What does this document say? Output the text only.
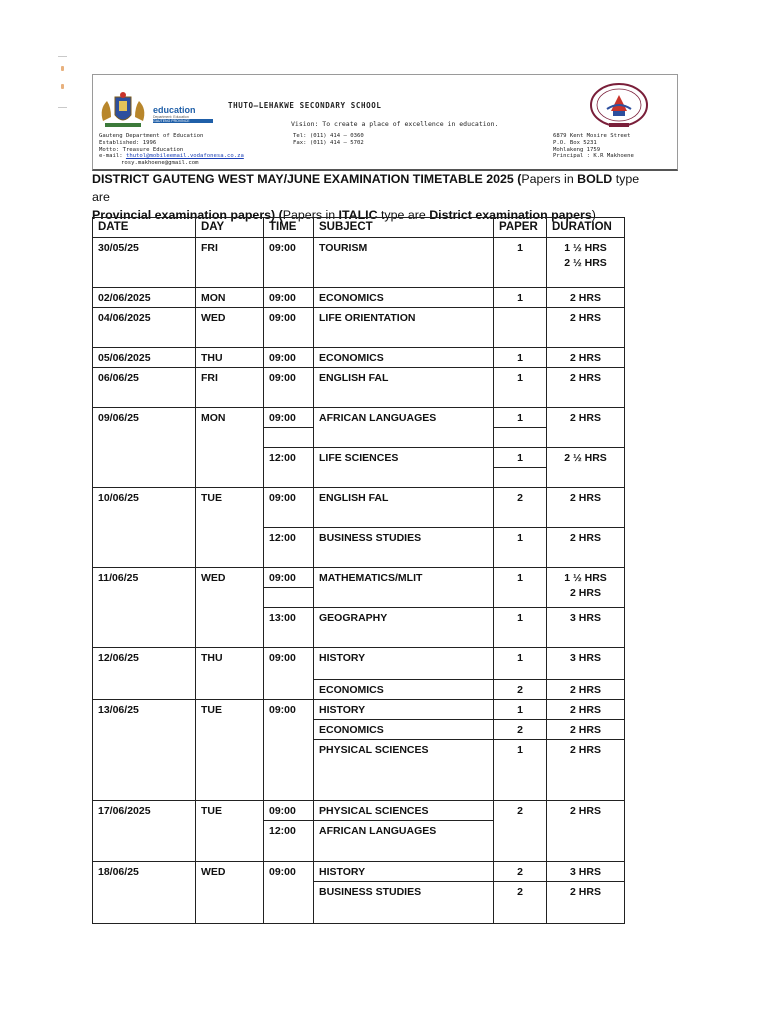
education
Department: Education
GAUTENG PROVINCE
THUTO—LEHAKWE SECONDARY SCHOOL
Vision: To create a place of excellence in education.
Gauteng Department of Education
Established: 1996
Motto: Treasure Education
e-mail: thutol@mobileemail.vodafonesa.co.za
rosy.makhoene@gmail.com
Tel: (011) 414 – 0360
Fax: (011) 414 – 5702
6879 Kent Mosire Street
P.O. Box 5231
Mohlakeng 1759
Principal : K.R Makhoene
DISTRICT GAUTENG WEST MAY/JUNE EXAMINATION TIMETABLE 2025 (Papers in BOLD type are
Provincial examination papers) (Papers in ITALIC type are District examination papers)
DATE	DAY	TIME	SUBJECT	PAPER	DURATION
30/05/25	FRI	09:00	TOURISM	1	1 ½ HRS
2 ½ HRS

02/06/2025	MON	09:00	ECONOMICS	1	2 HRS
04/06/2025	WED	09:00	LIFE ORIENTATION		2 HRS
05/06/2025	THU	09:00	ECONOMICS	1	2 HRS
06/06/25	FRI	09:00	ENGLISH FAL	1	2 HRS
09/06/25	MON	09:00	AFRICAN LANGUAGES	1	2 HRS

		12:00	LIFE SCIENCES	1	2 ½ HRS

10/06/25	TUE	09:00	ENGLISH FAL	2	2 HRS
		12:00	BUSINESS STUDIES	1	2 HRS
11/06/25	WED	09:00	MATHEMATICS/MLIT	1	1 ½ HRS
2 HRS

		13:00	GEOGRAPHY	1	3 HRS
12/06/25	THU	09:00	HISTORY	1	3 HRS
			ECONOMICS	2	2 HRS
13/06/25	TUE	09:00	HISTORY	1	2 HRS
			ECONOMICS	2	2 HRS
			PHYSICAL SCIENCES	1	2 HRS
17/06/2025	TUE	09:00	PHYSICAL SCIENCES	2	2 HRS
		12:00	AFRICAN LANGUAGES		
18/06/25	WED	09:00	HISTORY	2	3 HRS
			BUSINESS STUDIES	2	2 HRS
